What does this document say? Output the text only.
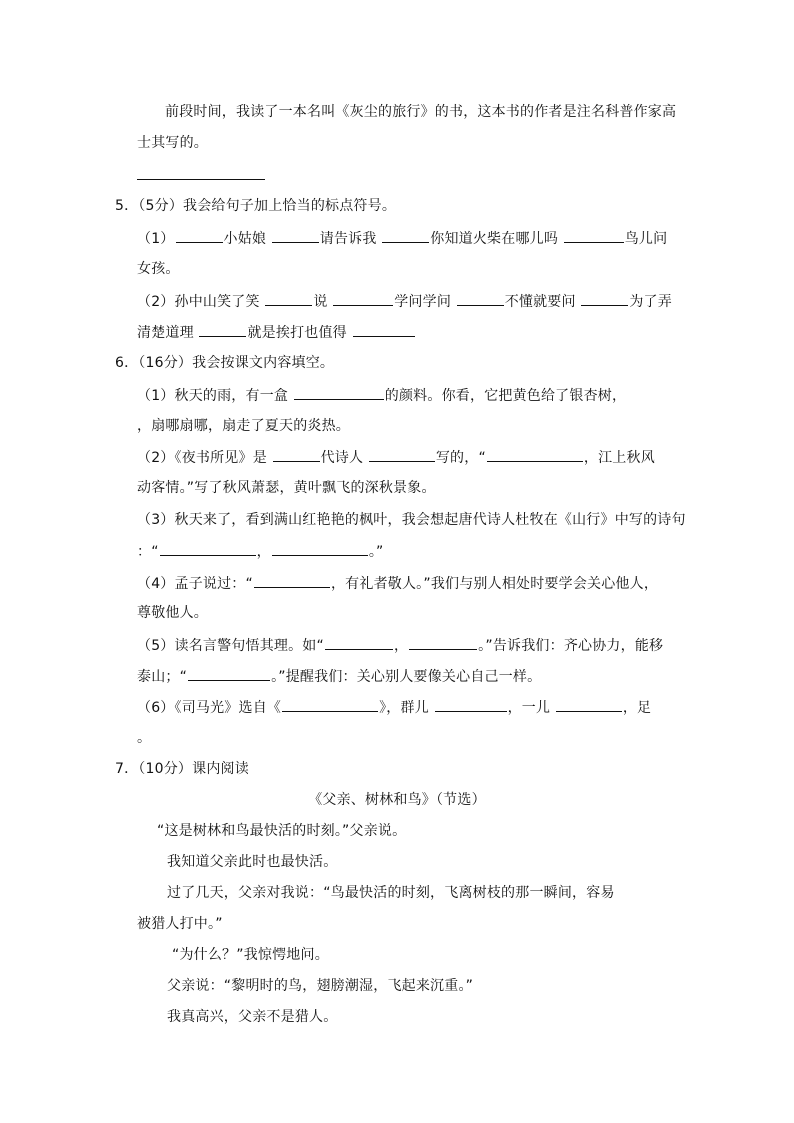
前段时间，我读了一本名叫《灰尘的旅行》的书，这本书的作者是注名科普作家高
士其写的。
5．（5分）我会给句子加上恰当的标点符号。
（1）	小姑娘	请告诉我	你知道火柴在哪儿吗	鸟儿问
女孩。
（2）孙中山笑了笑	说	学问学问	不懂就要问	为了弄
清楚道理	就是挨打也值得
6．（16分）我会按课文内容填空。
（1）秋天的雨，有一盒	的颜料。你看，它把黄色给了银杏树，
，扇哪扇哪，扇走了夏天的炎热。
（2）《夜书所见》是	代诗人	写的，“	，江上秋风
动客情。”写了秋风萧瑟，黄叶飘飞的深秋景象。
（3）秋天来了，看到满山红艳艳的枫叶，我会想起唐代诗人杜牧在《山行》中写的诗句
：“	，	。”
（4）孟子说过：“	，有礼者敬人。”我们与别人相处时要学会关心他人，
尊敬他人。
（5）读名言警句悟其理。如“	，	。”告诉我们：齐心协力，能移
泰山；“	。”提醒我们：关心别人要像关心自己一样。
（6）《司马光》选自《	》，群儿	，一儿	，足
。
7．（10分）课内阅读
《父亲、树林和鸟》（节选）
“这是树林和鸟最快活的时刻。”父亲说。
我知道父亲此时也最快活。
过了几天，父亲对我说：“鸟最快活的时刻，飞离树枝的那一瞬间，容易
被猎人打中。”
“为什么？”我惊愕地问。
父亲说：“黎明时的鸟，翅膀潮湿，飞起来沉重。”
我真高兴，父亲不是猎人。
